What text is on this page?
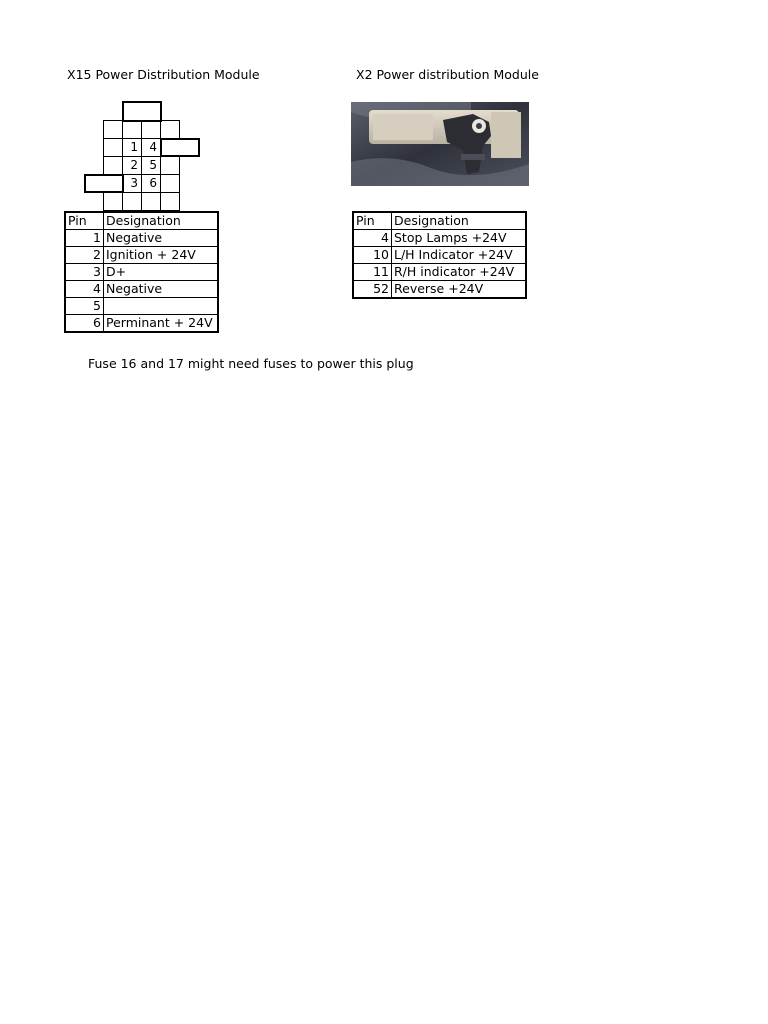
X15 Power Distribution Module	X2 Power distribution Module
1 4
2 5
3 6
Pin	Designation
1	Negative
2	Ignition + 24V
3	D+
4	Negative
5	
6	Perminant + 24V
Pin	Designation
4	Stop Lamps +24V
10	L/H Indicator +24V
11	R/H indicator +24V
52	Reverse +24V
Fuse 16 and 17 might need fuses to power this plug
